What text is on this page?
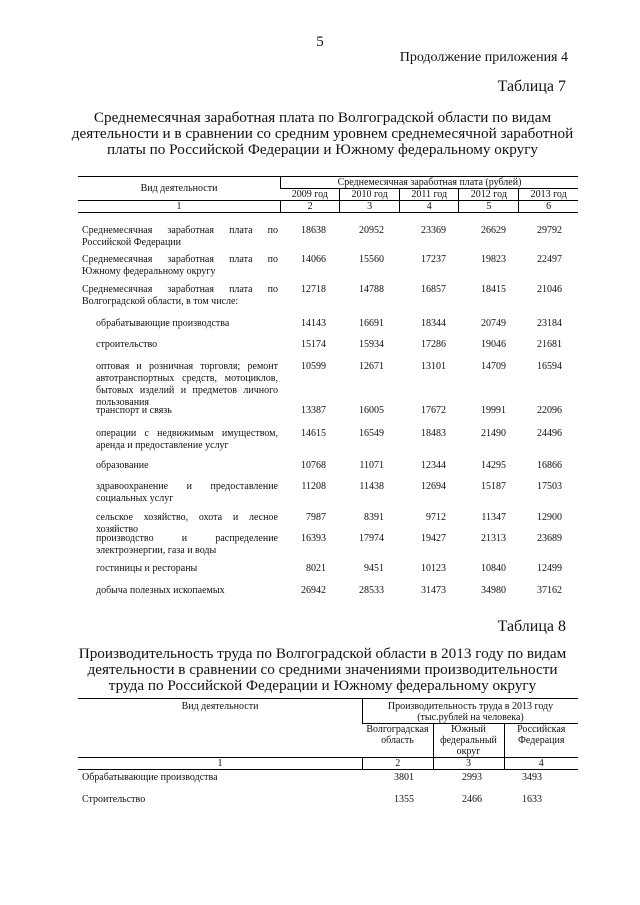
5
Продолжение приложения 4
Таблица 7
Среднемесячная заработная плата по Волгоградской области по видам
деятельности и в сравнении со средним уровнем среднемесячной заработной
платы по Российской Федерации и Южному федеральному округу
Вид деятельности	Среднемесячная заработная плата (рублей)				
	2009 год	2010 год	2011 год	2012 год	2013 год
1	2	3	4	5	6
Среднемесячная заработная плата по Российской Федерации
18638	20952	23369	26629	29792
Среднемесячная заработная плата по Южному федеральному округу
14066	15560	17237	19823	22497
Среднемесячная заработная плата по Волгоградской области, в том числе:
12718	14788	16857	18415	21046
обрабатывающие производства	14143	16691	18344	20749	23184
строительство	15174	15934	17286	19046	21681
оптовая и розничная торговля; ремонт автотранспортных средств, мотоциклов, бытовых изделий и предметов личного пользования
10599	12671	13101	14709	16594
транспорт и связь	13387	16005	17672	19991	22096
операции с недвижимым имуществом, аренда и предоставление услуг
14615	16549	18483	21490	24496
образование	10768	11071	12344	14295	16866
здравоохранение и предоставление социальных услуг
11208	11438	12694	15187	17503
сельское хозяйство, охота и лесное хозяйство
7987	8391	9712	11347	12900
производство и распределение электроэнергии, газа и воды
16393	17974	19427	21313	23689
гостиницы и рестораны	8021	9451	10123	10840	12499
добыча полезных ископаемых	26942	28533	31473	34980	37162
Таблица 8
Производительность труда по Волгоградской области в 2013 году по видам
деятельности в сравнении со средними значениями производительности
труда по Российской Федерации и Южному федеральному округу
Вид деятельности	Производительность труда в 2013 году (тыс.рублей на человека)		
	Волгоградская область	Южный федеральный округ	Российская Федерация
1	2	3	4
Обрабатывающие производства	3801	2993	3493
Строительство	1355	2466	1633
